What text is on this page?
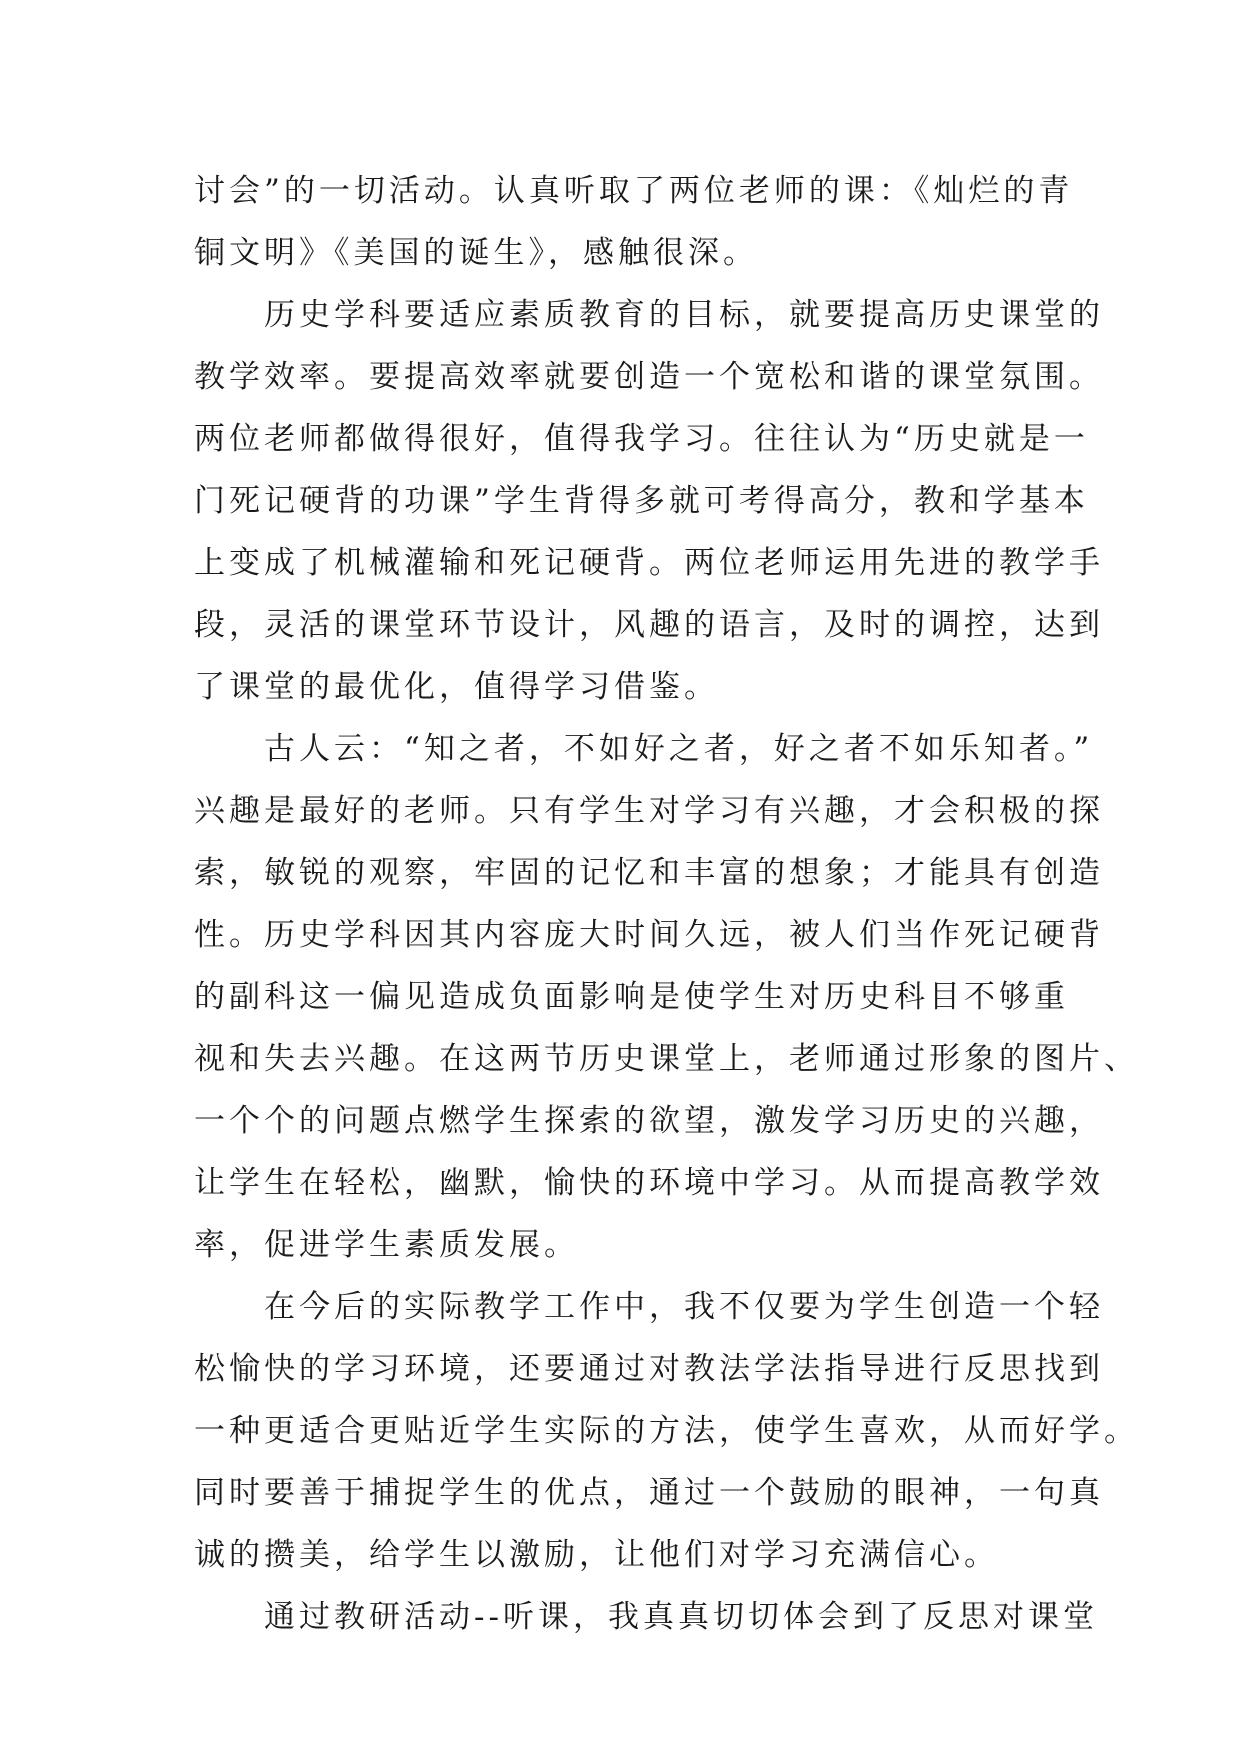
讨会”的一切活动。认真听取了两位老师的课：《灿烂的青
铜文明》《美国的诞生》，感触很深。
　　历史学科要适应素质教育的目标，就要提高历史课堂的
教学效率。要提高效率就要创造一个宽松和谐的课堂氛围。
两位老师都做得很好，值得我学习。往往认为“历史就是一
门死记硬背的功课”学生背得多就可考得高分，教和学基本
上变成了机械灌输和死记硬背。两位老师运用先进的教学手
段，灵活的课堂环节设计，风趣的语言，及时的调控，达到
了课堂的最优化，值得学习借鉴。
　　古人云：“知之者，不如好之者，好之者不如乐知者。”
兴趣是最好的老师。只有学生对学习有兴趣，才会积极的探
索，敏锐的观察，牢固的记忆和丰富的想象；才能具有创造
性。历史学科因其内容庞大时间久远，被人们当作死记硬背
的副科这一偏见造成负面影响是使学生对历史科目不够重
视和失去兴趣。在这两节历史课堂上，老师通过形象的图片、
一个个的问题点燃学生探索的欲望，激发学习历史的兴趣，
让学生在轻松，幽默，愉快的环境中学习。从而提高教学效
率，促进学生素质发展。
　　在今后的实际教学工作中，我不仅要为学生创造一个轻
松愉快的学习环境，还要通过对教法学法指导进行反思找到
一种更适合更贴近学生实际的方法，使学生喜欢，从而好学。
同时要善于捕捉学生的优点，通过一个鼓励的眼神，一句真
诚的攒美，给学生以激励，让他们对学习充满信心。
　　通过教研活动--听课，我真真切切体会到了反思对课堂
